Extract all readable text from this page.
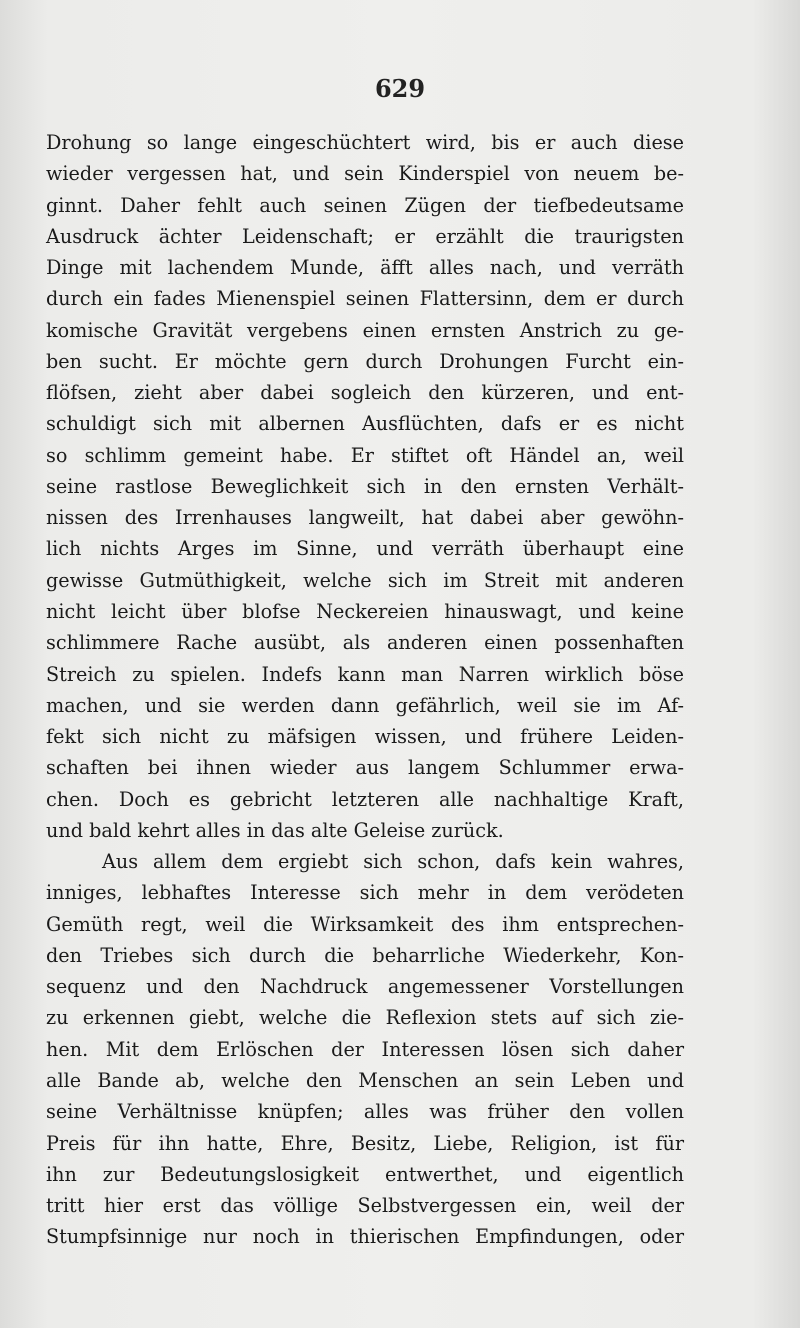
629
Drohung so lange eingeschüchtert wird, bis er auch diese
wieder vergessen hat, und sein Kinderspiel von neuem be-
ginnt. Daher fehlt auch seinen Zügen der tiefbedeutsame
Ausdruck ächter Leidenschaft; er erzählt die traurigsten
Dinge mit lachendem Munde, äfft alles nach, und verräth
durch ein fades Mienenspiel seinen Flattersinn, dem er durch
komische Gravität vergebens einen ernsten Anstrich zu ge-
ben sucht. Er möchte gern durch Drohungen Furcht ein-
flöfsen, zieht aber dabei sogleich den kürzeren, und ent-
schuldigt sich mit albernen Ausflüchten, dafs er es nicht
so schlimm gemeint habe. Er stiftet oft Händel an, weil
seine rastlose Beweglichkeit sich in den ernsten Verhält-
nissen des Irrenhauses langweilt, hat dabei aber gewöhn-
lich nichts Arges im Sinne, und verräth überhaupt eine
gewisse Gutmüthigkeit, welche sich im Streit mit anderen
nicht leicht über blofse Neckereien hinauswagt, und keine
schlimmere Rache ausübt, als anderen einen possenhaften
Streich zu spielen. Indefs kann man Narren wirklich böse
machen, und sie werden dann gefährlich, weil sie im Af-
fekt sich nicht zu mäfsigen wissen, und frühere Leiden-
schaften bei ihnen wieder aus langem Schlummer erwa-
chen. Doch es gebricht letzteren alle nachhaltige Kraft,
und bald kehrt alles in das alte Geleise zurück.
Aus allem dem ergiebt sich schon, dafs kein wahres,
inniges, lebhaftes Interesse sich mehr in dem verödeten
Gemüth regt, weil die Wirksamkeit des ihm entsprechen-
den Triebes sich durch die beharrliche Wiederkehr, Kon-
sequenz und den Nachdruck angemessener Vorstellungen
zu erkennen giebt, welche die Reflexion stets auf sich zie-
hen. Mit dem Erlöschen der Interessen lösen sich daher
alle Bande ab, welche den Menschen an sein Leben und
seine Verhältnisse knüpfen; alles was früher den vollen
Preis für ihn hatte, Ehre, Besitz, Liebe, Religion, ist für
ihn zur Bedeutungslosigkeit entwerthet, und eigentlich
tritt hier erst das völlige Selbstvergessen ein, weil der
Stumpfsinnige nur noch in thierischen Empfindungen, oder
